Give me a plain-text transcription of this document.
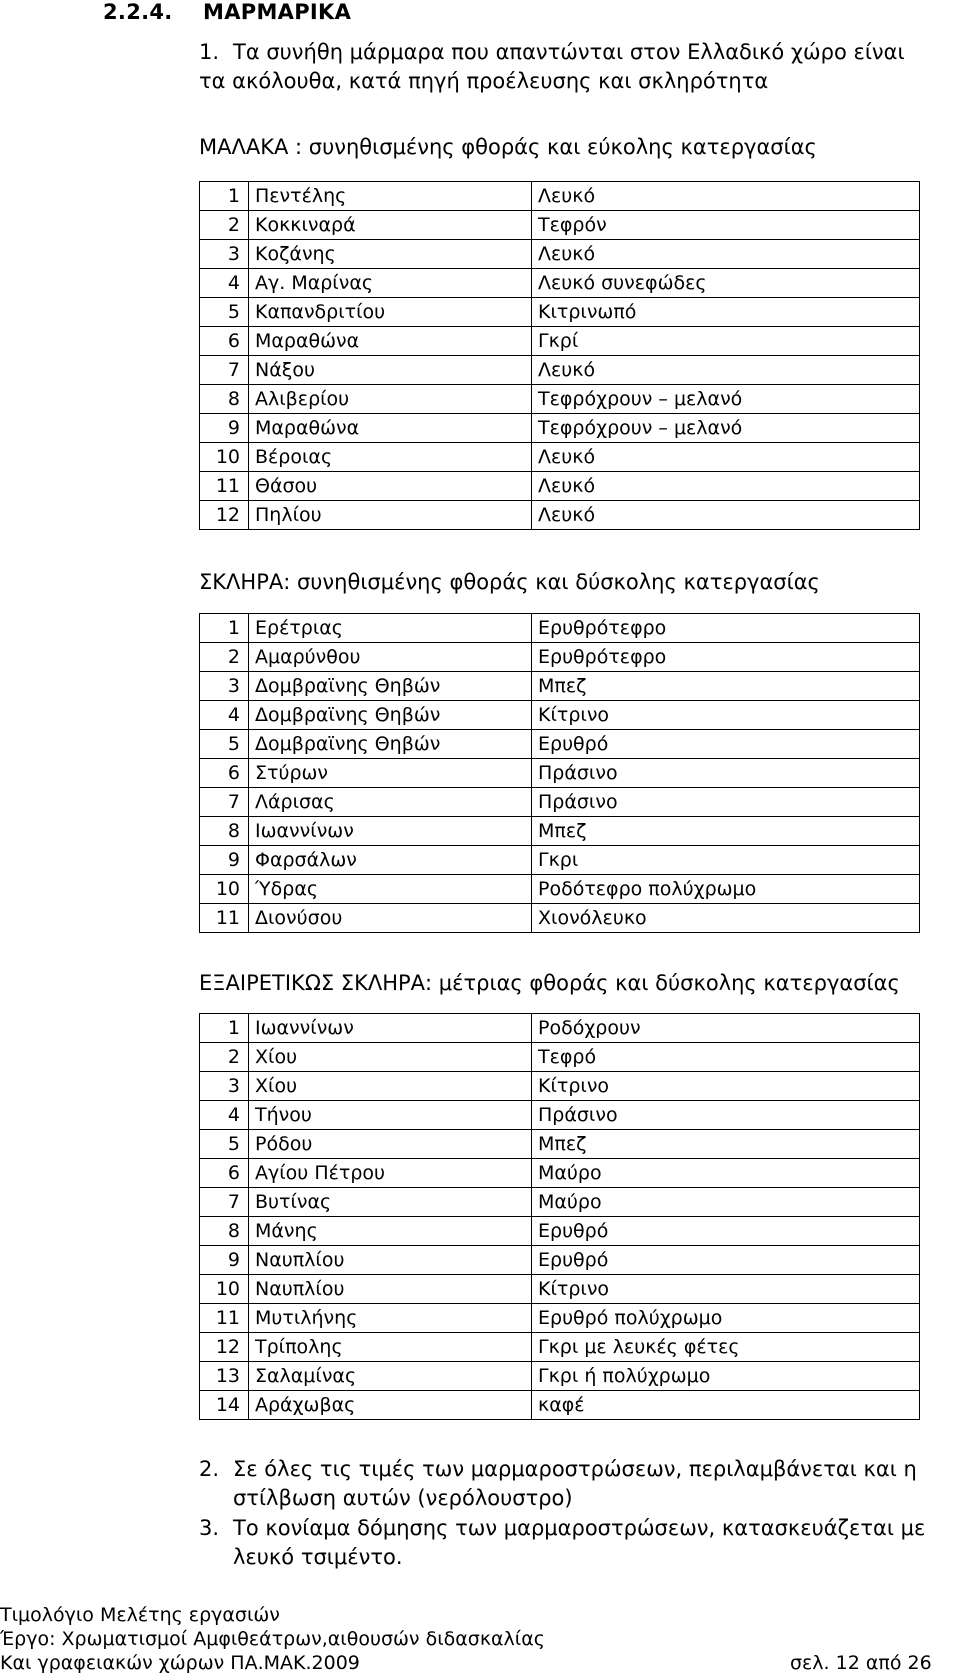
2.2.4.    ΜΑΡΜΑΡΙΚΑ
1. Τα συνήθη μάρμαρα που απαντώνται στον Ελλαδικό χώρο είναι
τα ακόλουθα, κατά πηγή προέλευσης και σκληρότητα
ΜΑΛΑΚΑ : συνηθισμένης φθοράς και εύκολης κατεργασίας
1	Πεντέλης	Λευκό
2	Κοκκιναρά	Τεφρόν
3	Κοζάνης	Λευκό
4	Αγ. Μαρίνας	Λευκό συνεφώδες
5	Καπανδριτίου	Κιτρινωπό
6	Μαραθώνα	Γκρί
7	Νάξου	Λευκό
8	Αλιβερίου	Τεφρόχρουν – μελανό
9	Μαραθώνα	Τεφρόχρουν – μελανό
10	Βέροιας	Λευκό
11	Θάσου	Λευκό
12	Πηλίου	Λευκό
ΣΚΛΗΡΑ: συνηθισμένης φθοράς και δύσκολης κατεργασίας
1	Ερέτριας	Ερυθρότεφρο
2	Αμαρύνθου	Ερυθρότεφρο
3	Δομβραϊνης Θηβών	Μπεζ
4	Δομβραϊνης Θηβών	Κίτρινο
5	Δομβραϊνης Θηβών	Ερυθρό
6	Στύρων	Πράσινο
7	Λάρισας	Πράσινο
8	Ιωαννίνων	Μπεζ
9	Φαρσάλων	Γκρι
10	Ύδρας	Ροδότεφρο πολύχρωμο
11	Διονύσου	Χιονόλευκο
ΕΞΑΙΡΕΤΙΚΩΣ ΣΚΛΗΡΑ: μέτριας φθοράς και δύσκολης κατεργασίας
1	Ιωαννίνων	Ροδόχρουν
2	Χίου	Τεφρό
3	Χίου	Κίτρινο
4	Τήνου	Πράσινο
5	Ρόδου	Μπεζ
6	Αγίου Πέτρου	Μαύρο
7	Βυτίνας	Μαύρο
8	Μάνης	Ερυθρό
9	Ναυπλίου	Ερυθρό
10	Ναυπλίου	Κίτρινο
11	Μυτιλήνης	Ερυθρό πολύχρωμο
12	Τρίπολης	Γκρι με λευκές φέτες
13	Σαλαμίνας	Γκρι ή πολύχρωμο
14	Αράχωβας	καφέ
2. Σε όλες τις τιμές των μαρμαροστρώσεων, περιλαμβάνεται και η
στίλβωση αυτών (νερόλουστρο)
3. Το κονίαμα δόμησης των μαρμαροστρώσεων, κατασκευάζεται με
λευκό τσιμέντο.
Τιμολόγιο Μελέτης εργασιών
Έργο: Χρωματισμοί Αμφιθεάτρων,αιθουσών διδασκαλίας
Και γραφειακών χώρων ΠΑ.ΜΑΚ.2009	σελ. 12 από 26
